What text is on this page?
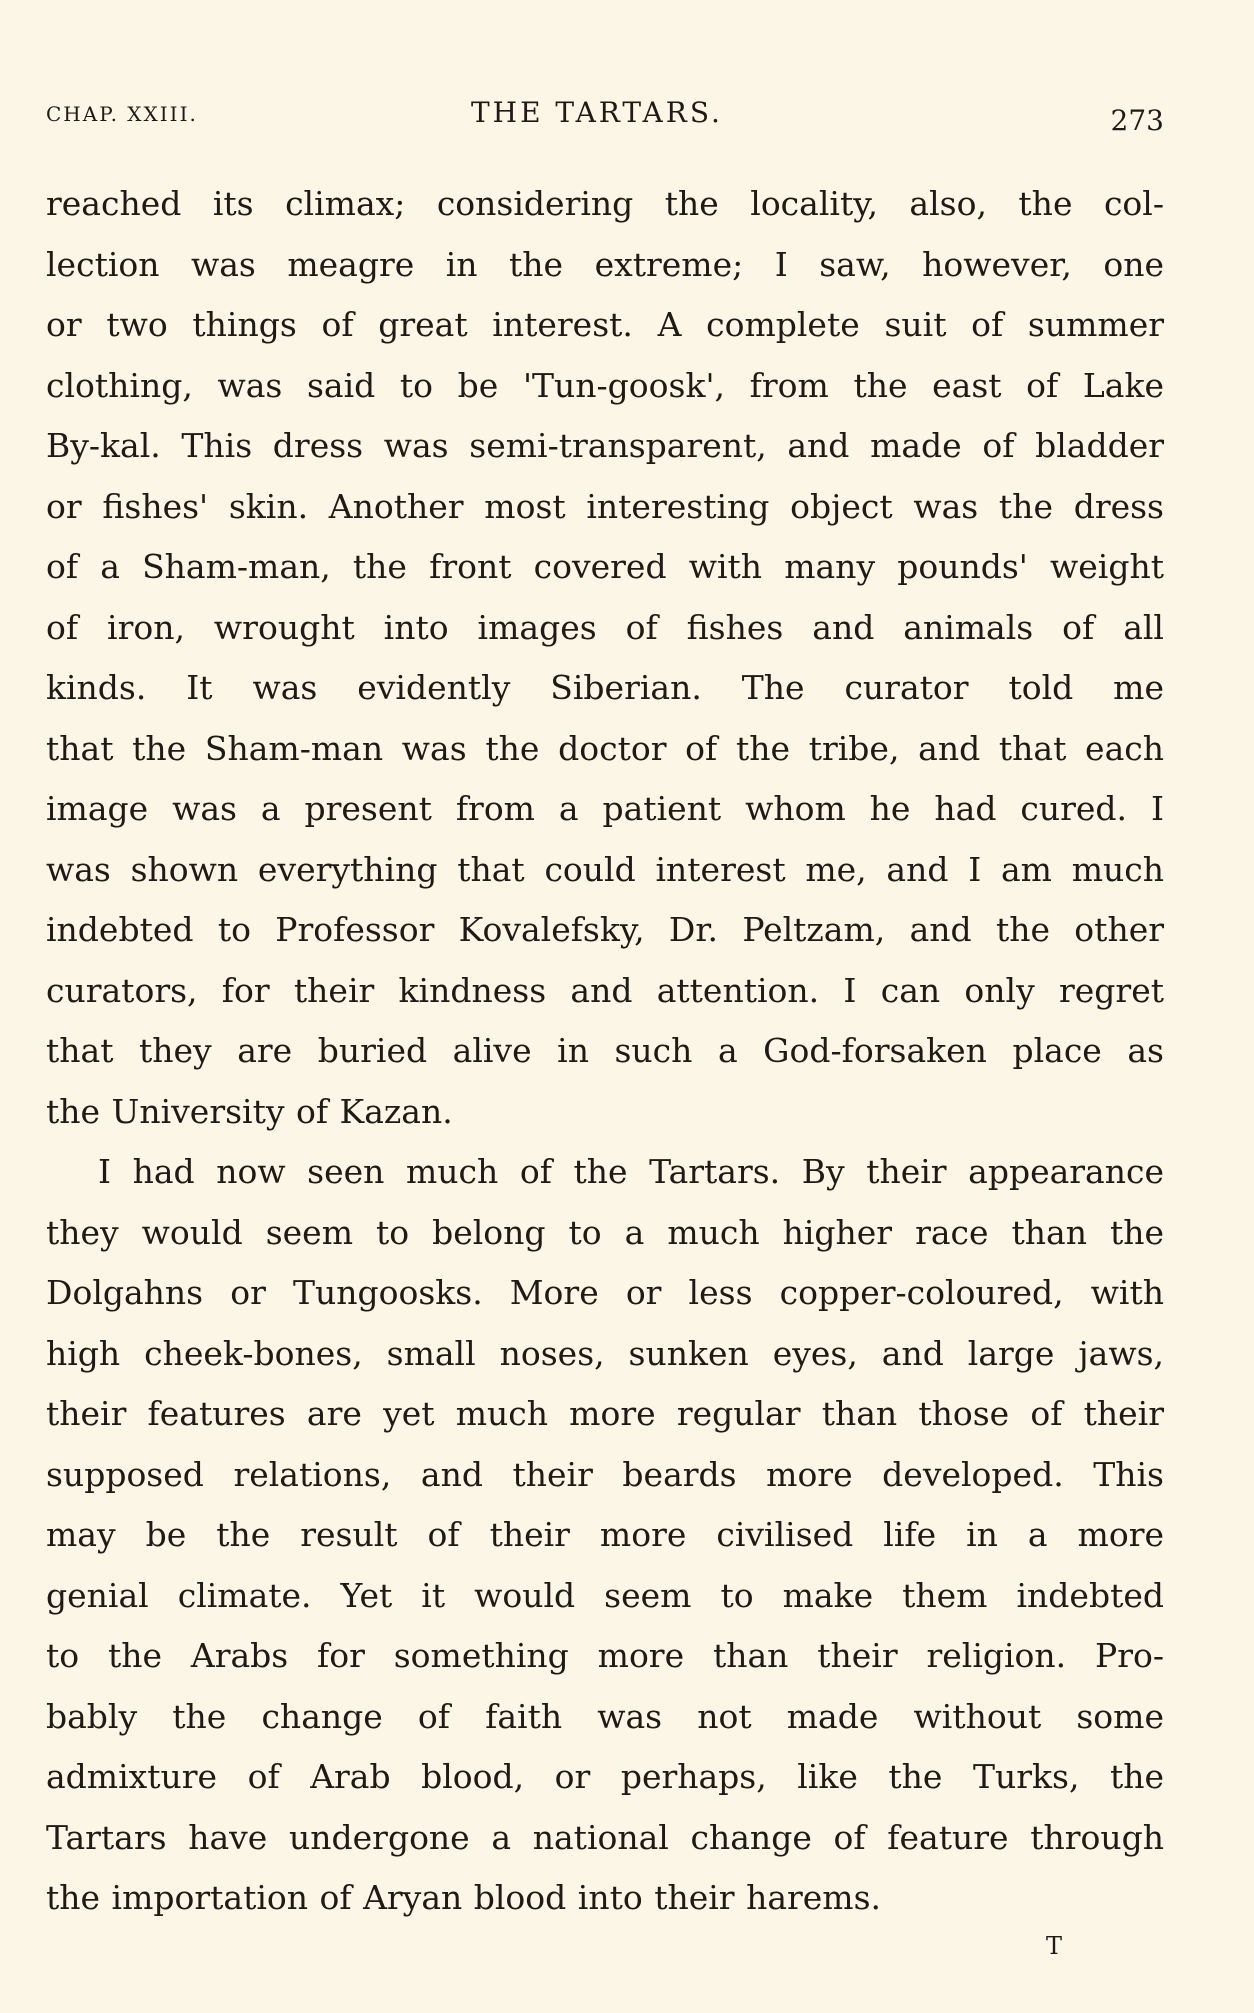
CHAP. XXIII.	THE TARTARS.	273
reached its climax; considering the locality, also, the col-
lection was meagre in the extreme; I saw, however, one
or two things of great interest. A complete suit of summer
clothing, was said to be 'Tun-goosk', from the east of Lake
By-kal. This dress was semi-transparent, and made of bladder
or fishes' skin. Another most interesting object was the dress
of a Sham-man, the front covered with many pounds' weight
of iron, wrought into images of fishes and animals of all
kinds. It was evidently Siberian. The curator told me
that the Sham-man was the doctor of the tribe, and that each
image was a present from a patient whom he had cured. I
was shown everything that could interest me, and I am much
indebted to Professor Kovalefsky, Dr. Peltzam, and the other
curators, for their kindness and attention. I can only regret
that they are buried alive in such a God-forsaken place as
the University of Kazan.
I had now seen much of the Tartars. By their appearance
they would seem to belong to a much higher race than the
Dolgahns or Tungoosks. More or less copper-coloured, with
high cheek-bones, small noses, sunken eyes, and large jaws,
their features are yet much more regular than those of their
supposed relations, and their beards more developed. This
may be the result of their more civilised life in a more
genial climate. Yet it would seem to make them indebted
to the Arabs for something more than their religion. Pro-
bably the change of faith was not made without some
admixture of Arab blood, or perhaps, like the Turks, the
Tartars have undergone a national change of feature through
the importation of Aryan blood into their harems.
T
